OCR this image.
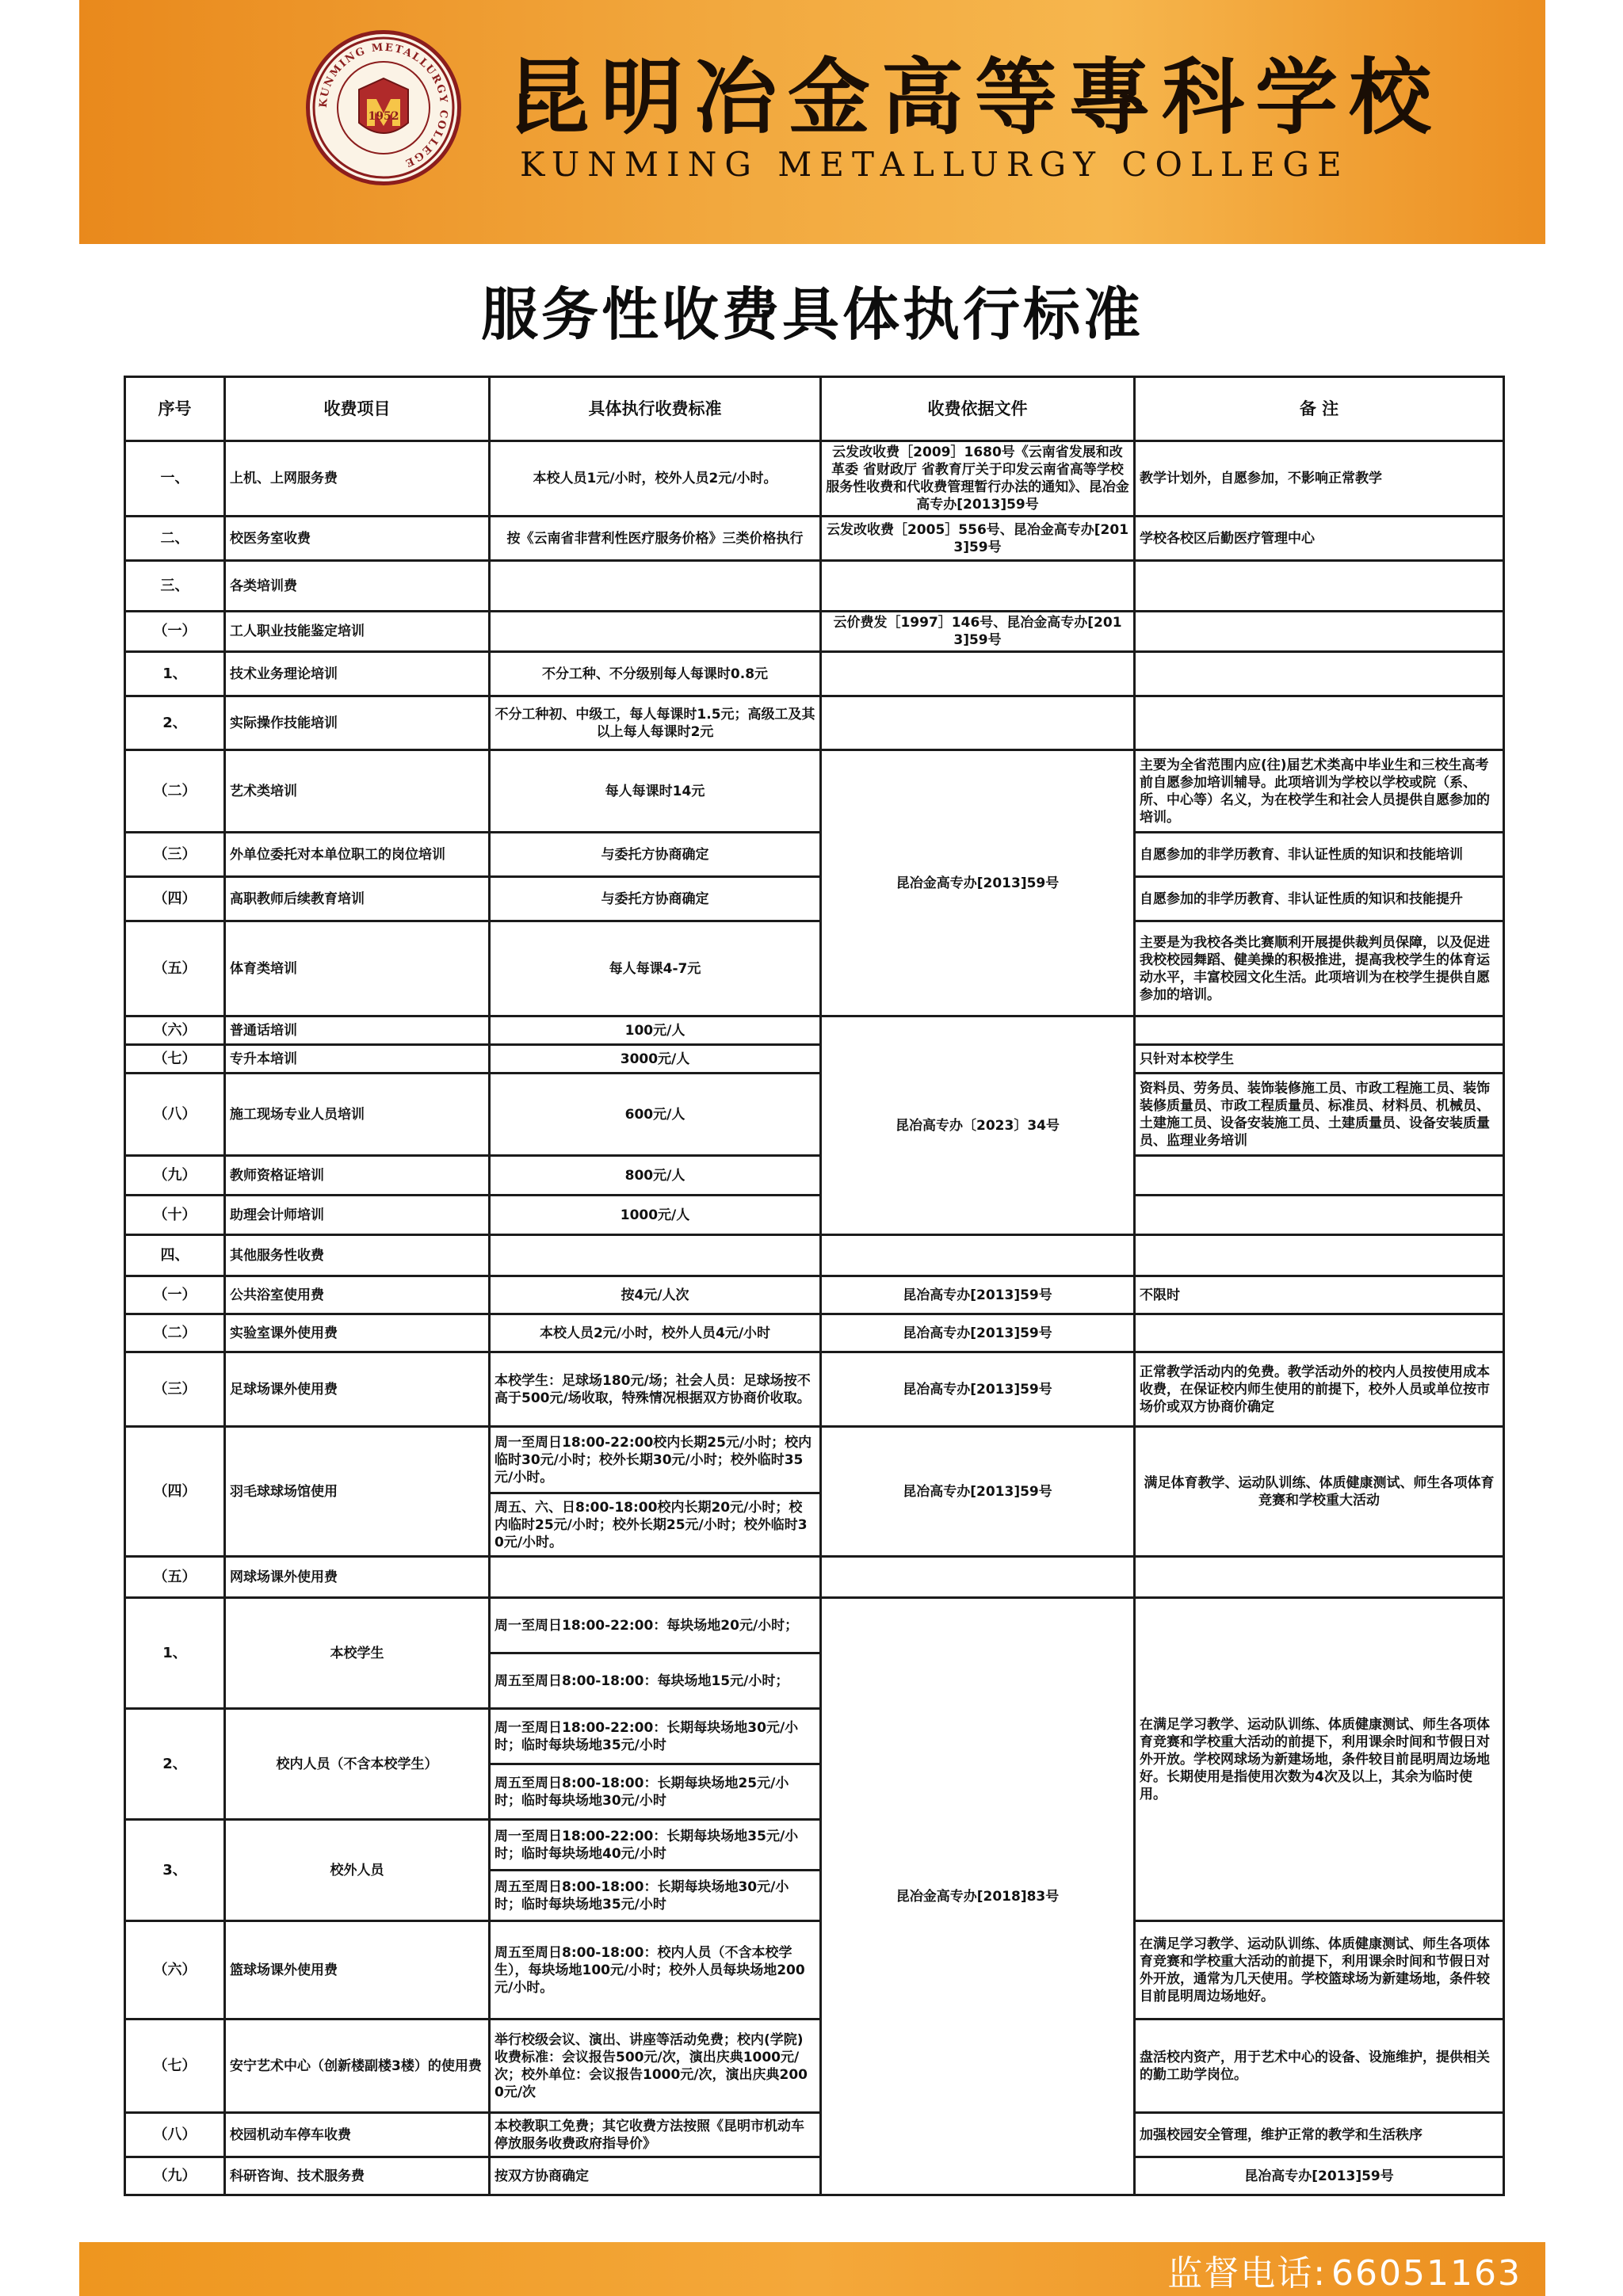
KUNMING METALLURGY COLLEGE
1952	昆明冶金高等專科学校
KUNMING METALLURGY COLLEGE
服务性收费具体执行标准
序号	收费项目	具体执行收费标准	收费依据文件	备 注	
一、	上机、上网服务费	本校人员1元/小时，校外人员2元/小时。	云发改收费［2009］1680号《云南省发展和改革委 省财政厅 省教育厅关于印发云南省高等学校服务性收费和代收费管理暂行办法的通知》、昆冶金高专办[2013]59号	教学计划外，自愿参加，不影响正常教学	
二、	校医务室收费	按《云南省非营利性医疗服务价格》三类价格执行	云发改收费［2005］556号、昆冶金高专办[2013]59号	学校各校区后勤医疗管理中心	
三、	各类培训费				
（一）	工人职业技能鉴定培训		云价费发［1997］146号、昆冶金高专办[2013]59号		
1、	技术业务理论培训	不分工种、不分级别每人每课时0.8元			
2、	实际操作技能培训	不分工种初、中级工，每人每课时1.5元；高级工及其以上每人每课时2元			
（二）	艺术类培训	每人每课时14元	昆冶金高专办[2013]59号	主要为全省范围内应(往)届艺术类高中毕业生和三校生高考前自愿参加培训辅导。此项培训为学校以学校或院（系、所、中心等）名义，为在校学生和社会人员提供自愿参加的培训。	
（三）	外单位委托对本单位职工的岗位培训	与委托方协商确定		自愿参加的非学历教育、非认证性质的知识和技能培训	
（四）	高职教师后续教育培训	与委托方协商确定		自愿参加的非学历教育、非认证性质的知识和技能提升	
（五）	体育类培训	每人每课4-7元		主要是为我校各类比赛顺利开展提供裁判员保障，以及促进我校校园舞蹈、健美操的积极推进，提高我校学生的体育运动水平，丰富校园文化生活。此项培训为在校学生提供自愿参加的培训。	
（六）	普通话培训	100元/人	昆冶高专办〔2023〕34号		
（七）	专升本培训	3000元/人		只针对本校学生	
（八）	施工现场专业人员培训	600元/人		资料员、劳务员、装饰装修施工员、市政工程施工员、装饰装修质量员、市政工程质量员、标准员、材料员、机械员、土建施工员、设备安装施工员、土建质量员、设备安装质量员、监理业务培训	
（九）	教师资格证培训	800元/人			
（十）	助理会计师培训	1000元/人			
四、	其他服务性收费				
（一）	公共浴室使用费	按4元/人次	昆冶高专办[2013]59号	不限时	
（二）	实验室课外使用费	本校人员2元/小时，校外人员4元/小时	昆冶高专办[2013]59号		
（三）	足球场课外使用费	本校学生：足球场180元/场；社会人员：足球场按不高于500元/场收取，特殊情况根据双方协商价收取。	昆冶高专办[2013]59号	正常教学活动内的免费。教学活动外的校内人员按使用成本收费，在保证校内师生使用的前提下，校外人员或单位按市场价或双方协商价确定	
（四）	羽毛球球场馆使用	周一至周日18:00-22:00校内长期25元/小时；校内临时30元/小时；校外长期30元/小时；校外临时35元/小时。	昆冶高专办[2013]59号	满足体育教学、运动队训练、体质健康测试、师生各项体育竞赛和学校重大活动	
		周五、六、日8:00-18:00校内长期20元/小时；校内临时25元/小时；校外长期25元/小时；校外临时30元/小时。			
（五）	网球场课外使用费				
1、	本校学生	周一至周日18:00-22:00：每块场地20元/小时；	昆冶金高专办[2018]83号	在满足学习教学、运动队训练、体质健康测试、师生各项体育竞赛和学校重大活动的前提下，利用课余时间和节假日对外开放。学校网球场为新建场地，条件较目前昆明周边场地好。长期使用是指使用次数为4次及以上，其余为临时使用。	
		周五至周日8:00-18:00：每块场地15元/小时；			
2、	校内人员（不含本校学生）	周一至周日18:00-22:00：长期每块场地30元/小时；临时每块场地35元/小时			
		周五至周日8:00-18:00：长期每块场地25元/小时；临时每块场地30元/小时			
3、	校外人员	周一至周日18:00-22:00：长期每块场地35元/小时；临时每块场地40元/小时			
		周五至周日8:00-18:00：长期每块场地30元/小时；临时每块场地35元/小时			
（六）	篮球场课外使用费	周五至周日8:00-18:00：校内人员（不含本校学生），每块场地100元/小时；校外人员每块场地200元/小时。		在满足学习教学、运动队训练、体质健康测试、师生各项体育竞赛和学校重大活动的前提下，利用课余时间和节假日对外开放，通常为几天使用。学校篮球场为新建场地，条件较目前昆明周边场地好。	
（七）	安宁艺术中心（创新楼副楼3楼）的使用费	举行校级会议、演出、讲座等活动免费；校内(学院)收费标准：会议报告500元/次，演出庆典1000元/次；校外单位：会议报告1000元/次，演出庆典2000元/次		盘活校内资产，用于艺术中心的设备、设施维护，提供相关的勤工助学岗位。	
（八）	校园机动车停车收费	本校教职工免费；其它收费方法按照《昆明市机动车停放服务收费政府指导价》		加强校园安全管理，维护正常的教学和生活秩序	
（九）	科研咨询、技术服务费	按双方协商确定		昆冶高专办[2013]59号	
监督电话: 66051163
